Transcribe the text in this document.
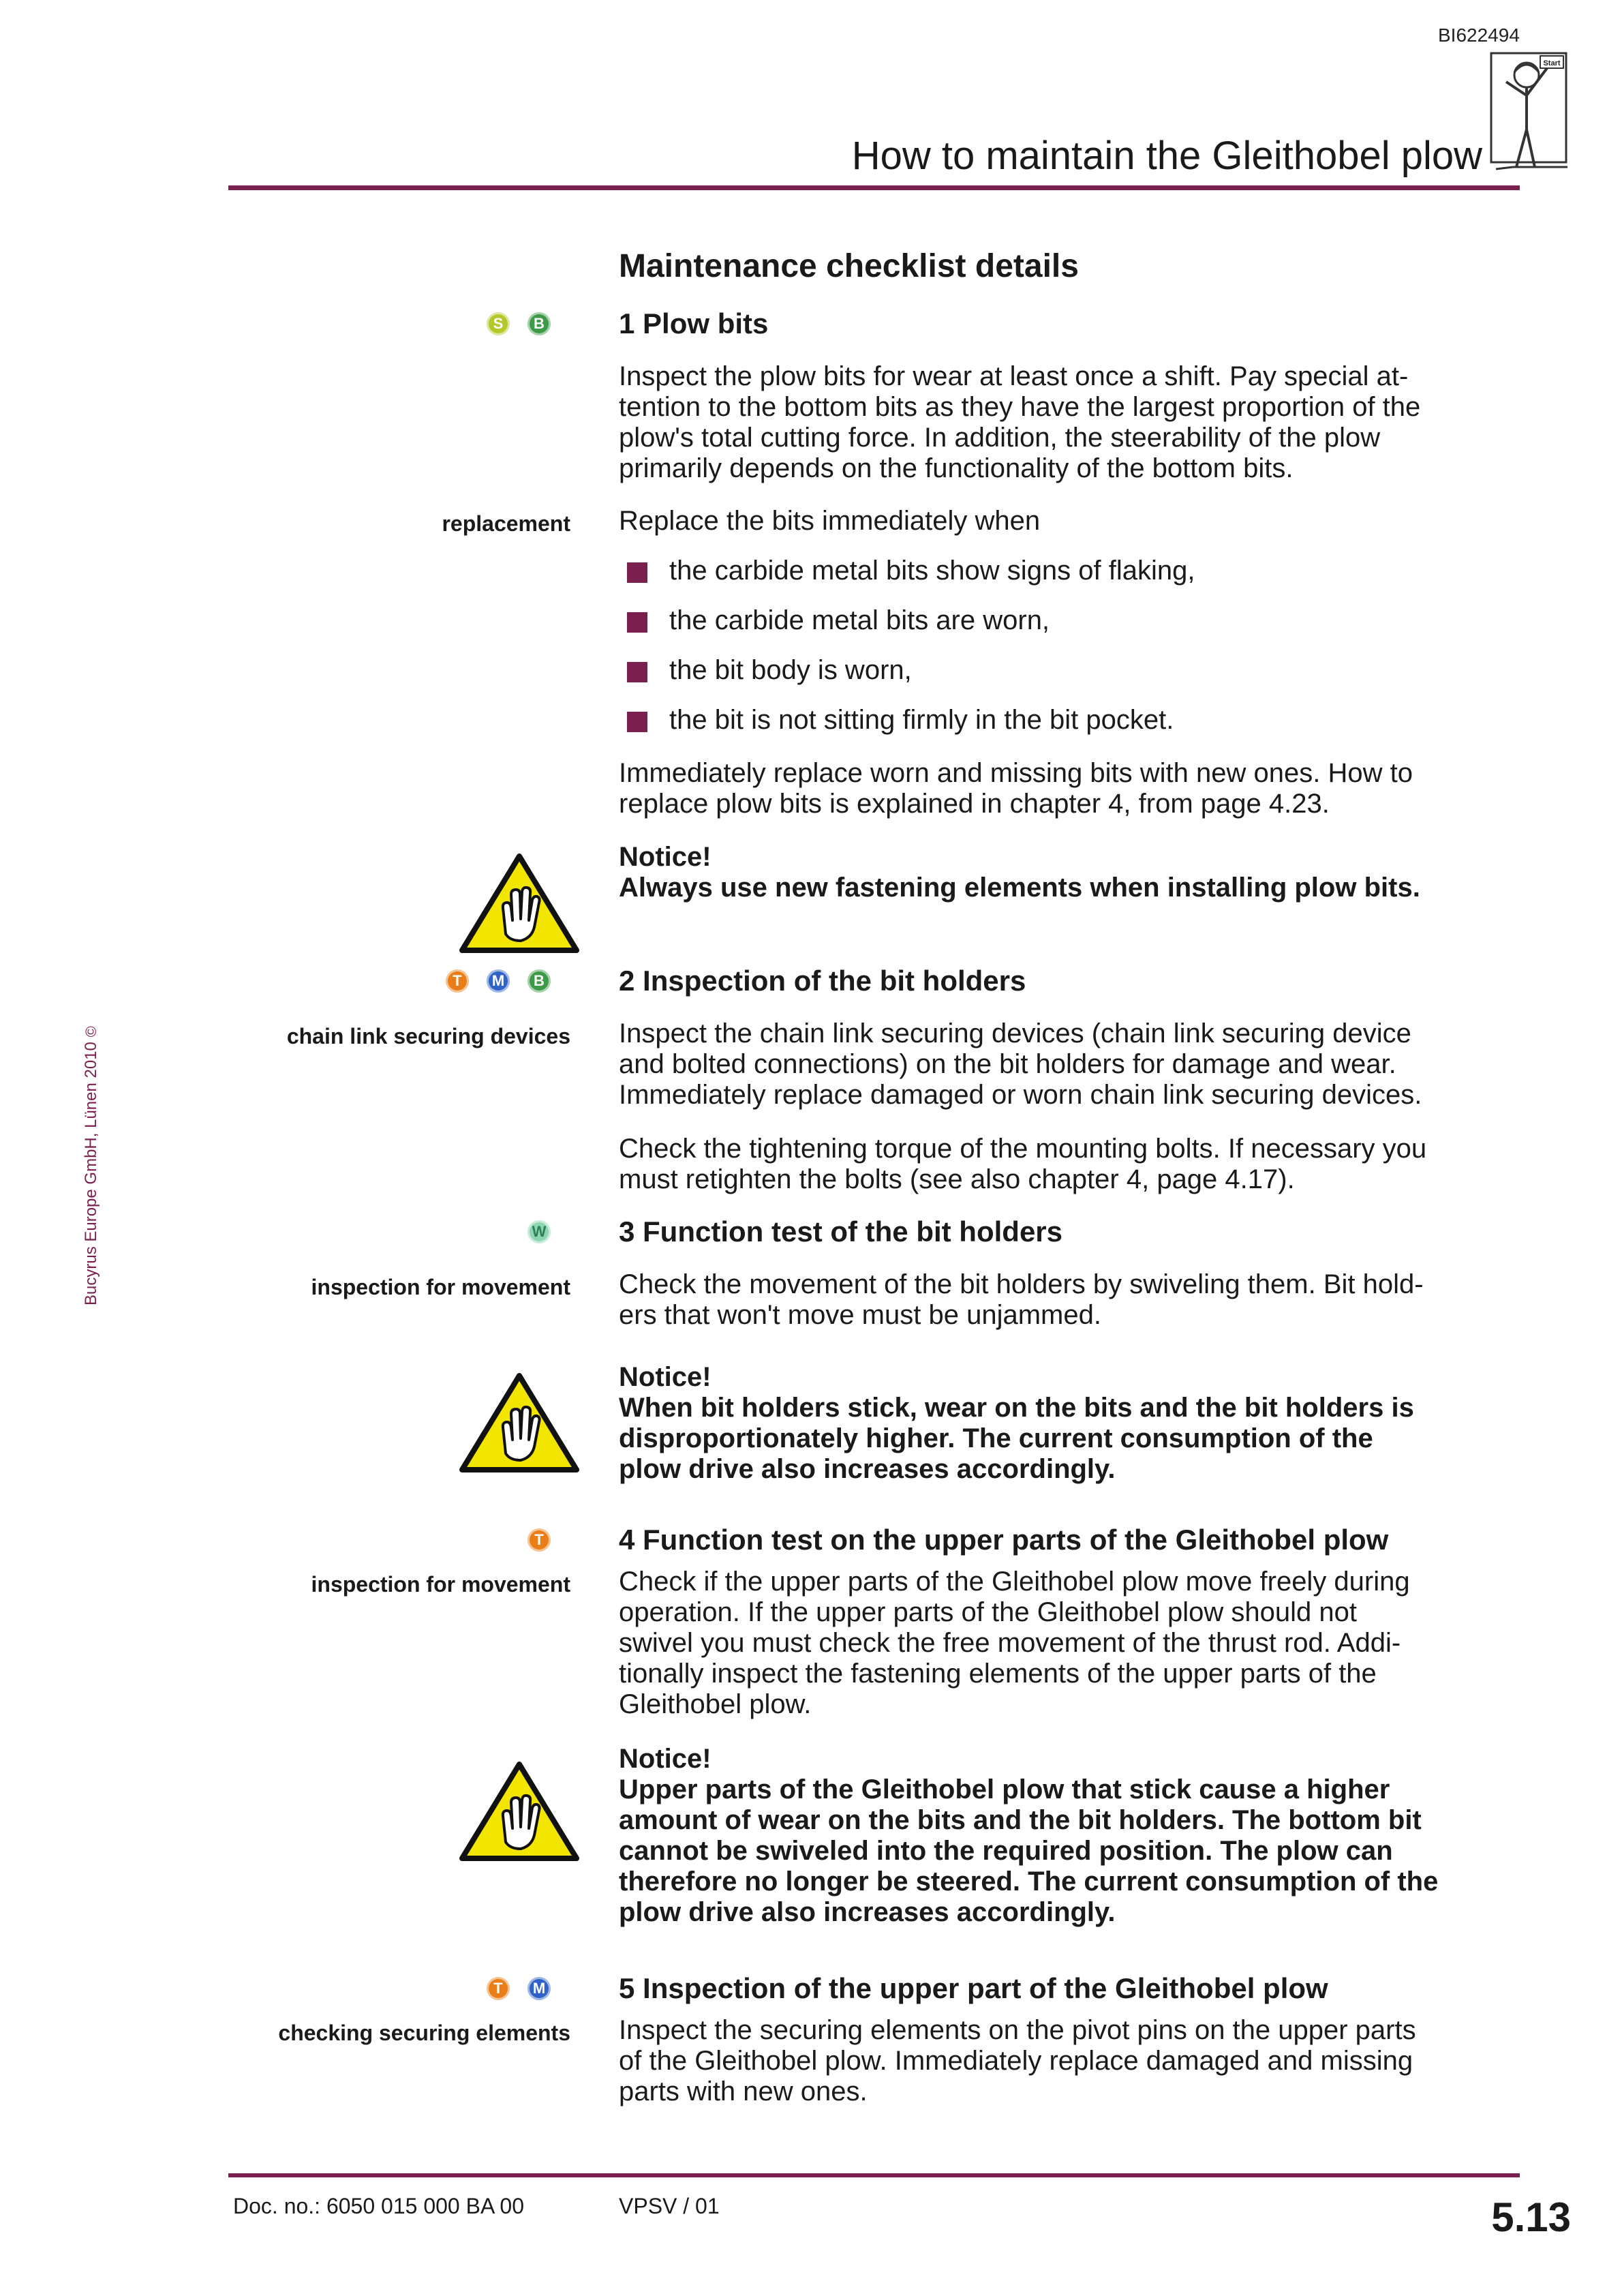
BI622494
How to maintain the Gleithobel plow
Start
Bucyrus Europe GmbH, Lünen 2010 ©
Maintenance checklist details
S	B	1 Plow bits
Inspect the plow bits for wear at least once a shift. Pay special at-
tention to the bottom bits as they have the largest proportion of the
plow's total cutting force. In addition, the steerability of the plow
primarily depends on the functionality of the bottom bits.
replacement Replace the bits immediately when
the carbide metal bits show signs of flaking,
the carbide metal bits are worn,
the bit body is worn,
the bit is not sitting firmly in the bit pocket.
Immediately replace worn and missing bits with new ones. How to
replace plow bits is explained in chapter 4, from page 4.23.
Notice!
Always use new fastening elements when installing plow bits.
T	M	B	2 Inspection of the bit holders
chain link securing devices Inspect the chain link securing devices (chain link securing device
and bolted connections) on the bit holders for damage and wear.
Immediately replace damaged or worn chain link securing devices.
Check the tightening torque of the mounting bolts. If necessary you
must retighten the bolts (see also chapter 4, page 4.17).
W	3 Function test of the bit holders
inspection for movement Check the movement of the bit holders by swiveling them. Bit hold-
ers that won't move must be unjammed.
Notice!
When bit holders stick, wear on the bits and the bit holders is
disproportionately higher. The current consumption of the
plow drive also increases accordingly.
T	4 Function test on the upper parts of the Gleithobel plow
inspection for movement Check if the upper parts of the Gleithobel plow move freely during
operation. If the upper parts of the Gleithobel plow should not
swivel you must check the free movement of the thrust rod. Addi-
tionally inspect the fastening elements of the upper parts of the
Gleithobel plow.
Notice!
Upper parts of the Gleithobel plow that stick cause a higher
amount of wear on the bits and the bit holders. The bottom bit
cannot be swiveled into the required position. The plow can
therefore no longer be steered. The current consumption of the
plow drive also increases accordingly.
T	M	5 Inspection of the upper part of the Gleithobel plow
checking securing elements Inspect the securing elements on the pivot pins on the upper parts
of the Gleithobel plow. Immediately replace damaged and missing
parts with new ones.
Doc. no.: 6050 015 000 BA 00	VPSV / 01	5.13
